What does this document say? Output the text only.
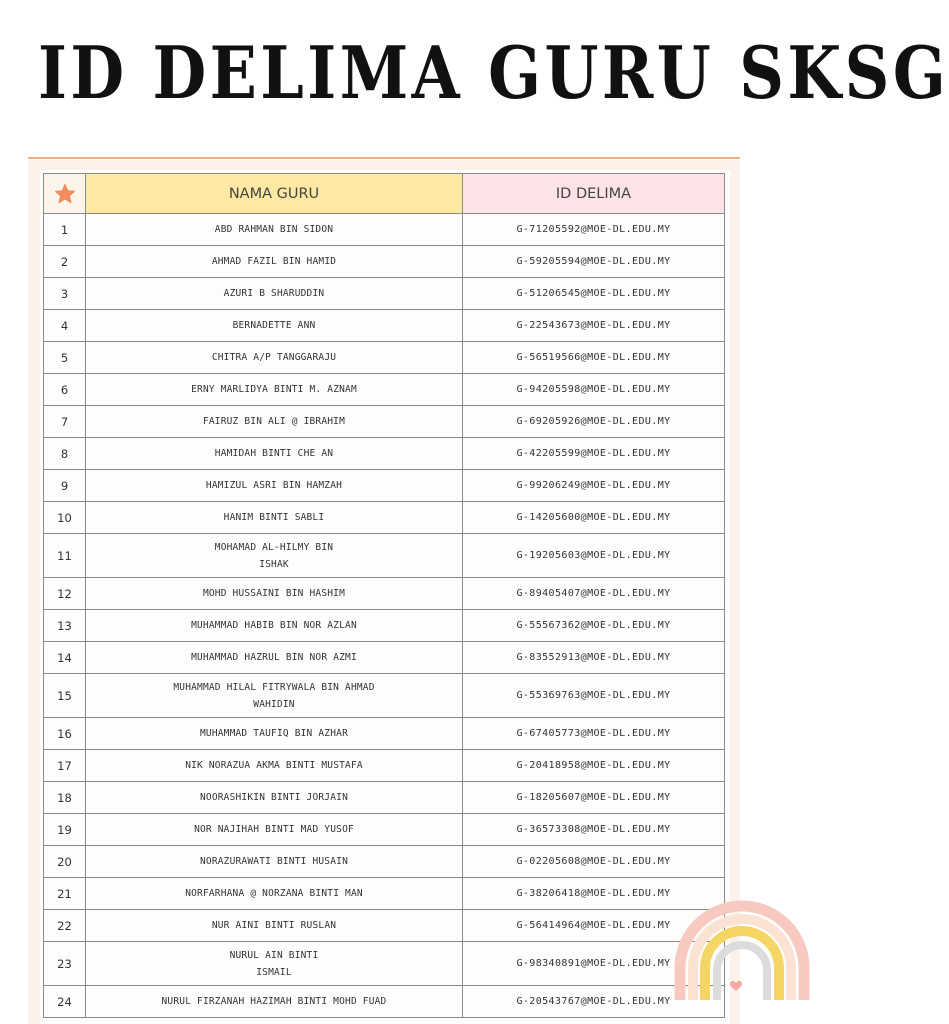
ID DELIMA GURU SKSG
	NAMA GURU	ID DELIMA
1	ABD RAHMAN BIN SIDON	G-71205592@MOE-DL.EDU.MY
2	AHMAD FAZIL BIN HAMID	G-59205594@MOE-DL.EDU.MY
3	AZURI B SHARUDDIN	G-51206545@MOE-DL.EDU.MY
4	BERNADETTE ANN	G-22543673@MOE-DL.EDU.MY
5	CHITRA A/P TANGGARAJU	G-56519566@MOE-DL.EDU.MY
6	ERNY MARLIDYA BINTI M. AZNAM	G-94205598@MOE-DL.EDU.MY
7	FAIRUZ BIN ALI @ IBRAHIM	G-69205926@MOE-DL.EDU.MY
8	HAMIDAH BINTI CHE AN	G-42205599@MOE-DL.EDU.MY
9	HAMIZUL ASRI BIN HAMZAH	G-99206249@MOE-DL.EDU.MY
10	HANIM BINTI SABLI	G-14205600@MOE-DL.EDU.MY
11	MOHAMAD AL-HILMY BIN
ISHAK	G-19205603@MOE-DL.EDU.MY
12	MOHD HUSSAINI BIN HASHIM	G-89405407@MOE-DL.EDU.MY
13	MUHAMMAD HABIB BIN NOR AZLAN	G-55567362@MOE-DL.EDU.MY
14	MUHAMMAD HAZRUL BIN NOR AZMI	G-83552913@MOE-DL.EDU.MY
15	MUHAMMAD HILAL FITRYWALA BIN AHMAD
WAHIDIN	G-55369763@MOE-DL.EDU.MY
16	MUHAMMAD TAUFIQ BIN AZHAR	G-67405773@MOE-DL.EDU.MY
17	NIK NORAZUA AKMA BINTI MUSTAFA	G-20418958@MOE-DL.EDU.MY
18	NOORASHIKIN BINTI JORJAIN	G-18205607@MOE-DL.EDU.MY
19	NOR NAJIHAH BINTI MAD YUSOF	G-36573308@MOE-DL.EDU.MY
20	NORAZURAWATI BINTI HUSAIN	G-02205608@MOE-DL.EDU.MY
21	NORFARHANA @ NORZANA BINTI MAN	G-38206418@MOE-DL.EDU.MY
22	NUR AINI BINTI RUSLAN	G-56414964@MOE-DL.EDU.MY
23	NURUL AIN BINTI
ISMAIL	G-98340891@MOE-DL.EDU.MY
24	NURUL FIRZANAH HAZIMAH BINTI MOHD FUAD	G-20543767@MOE-DL.EDU.MY
